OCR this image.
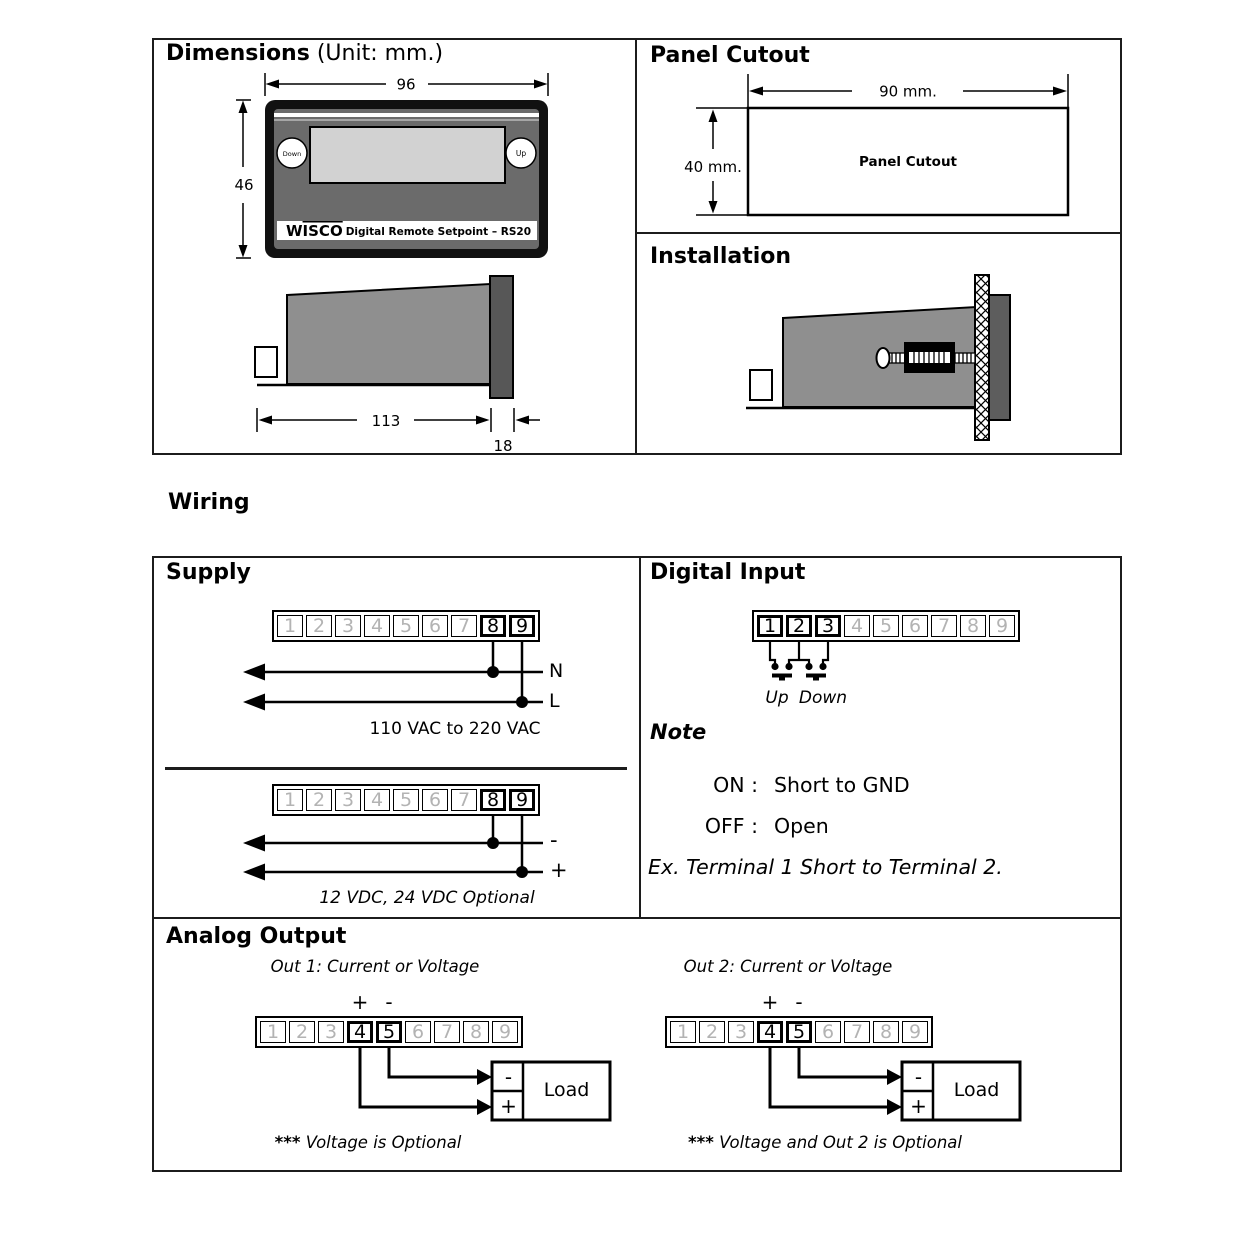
Dimensions (Unit: mm.)	Panel Cutout
Installation
Wiring
Supply	Digital Input
Analog Output
Down	Up
WISCO Digital Remote Setpoint – RS20
96
46
113
18
90 mm.
40 mm.	Panel Cutout
1 2 3 4 5 6 7 8 9
1 2 3 4 5 6 7 8 9
1 2 3 4 5 6 7 8 9
1 2 3 4 5 6 7 8 9	1 2 3 4 5 6 7 8 9
N
L
110 VAC to 220 VAC
-
+
12 VDC, 24 VDC Optional
Up Down
Note
ON : Short to GND
OFF : Open
Ex. Terminal 1 Short to Terminal 2.
Out 1: Current or Voltage	Out 2: Current or Voltage
+ -	+ -
-
+
Load
-
+
Load
*** Voltage is Optional	*** Voltage and Out 2 is Optional
